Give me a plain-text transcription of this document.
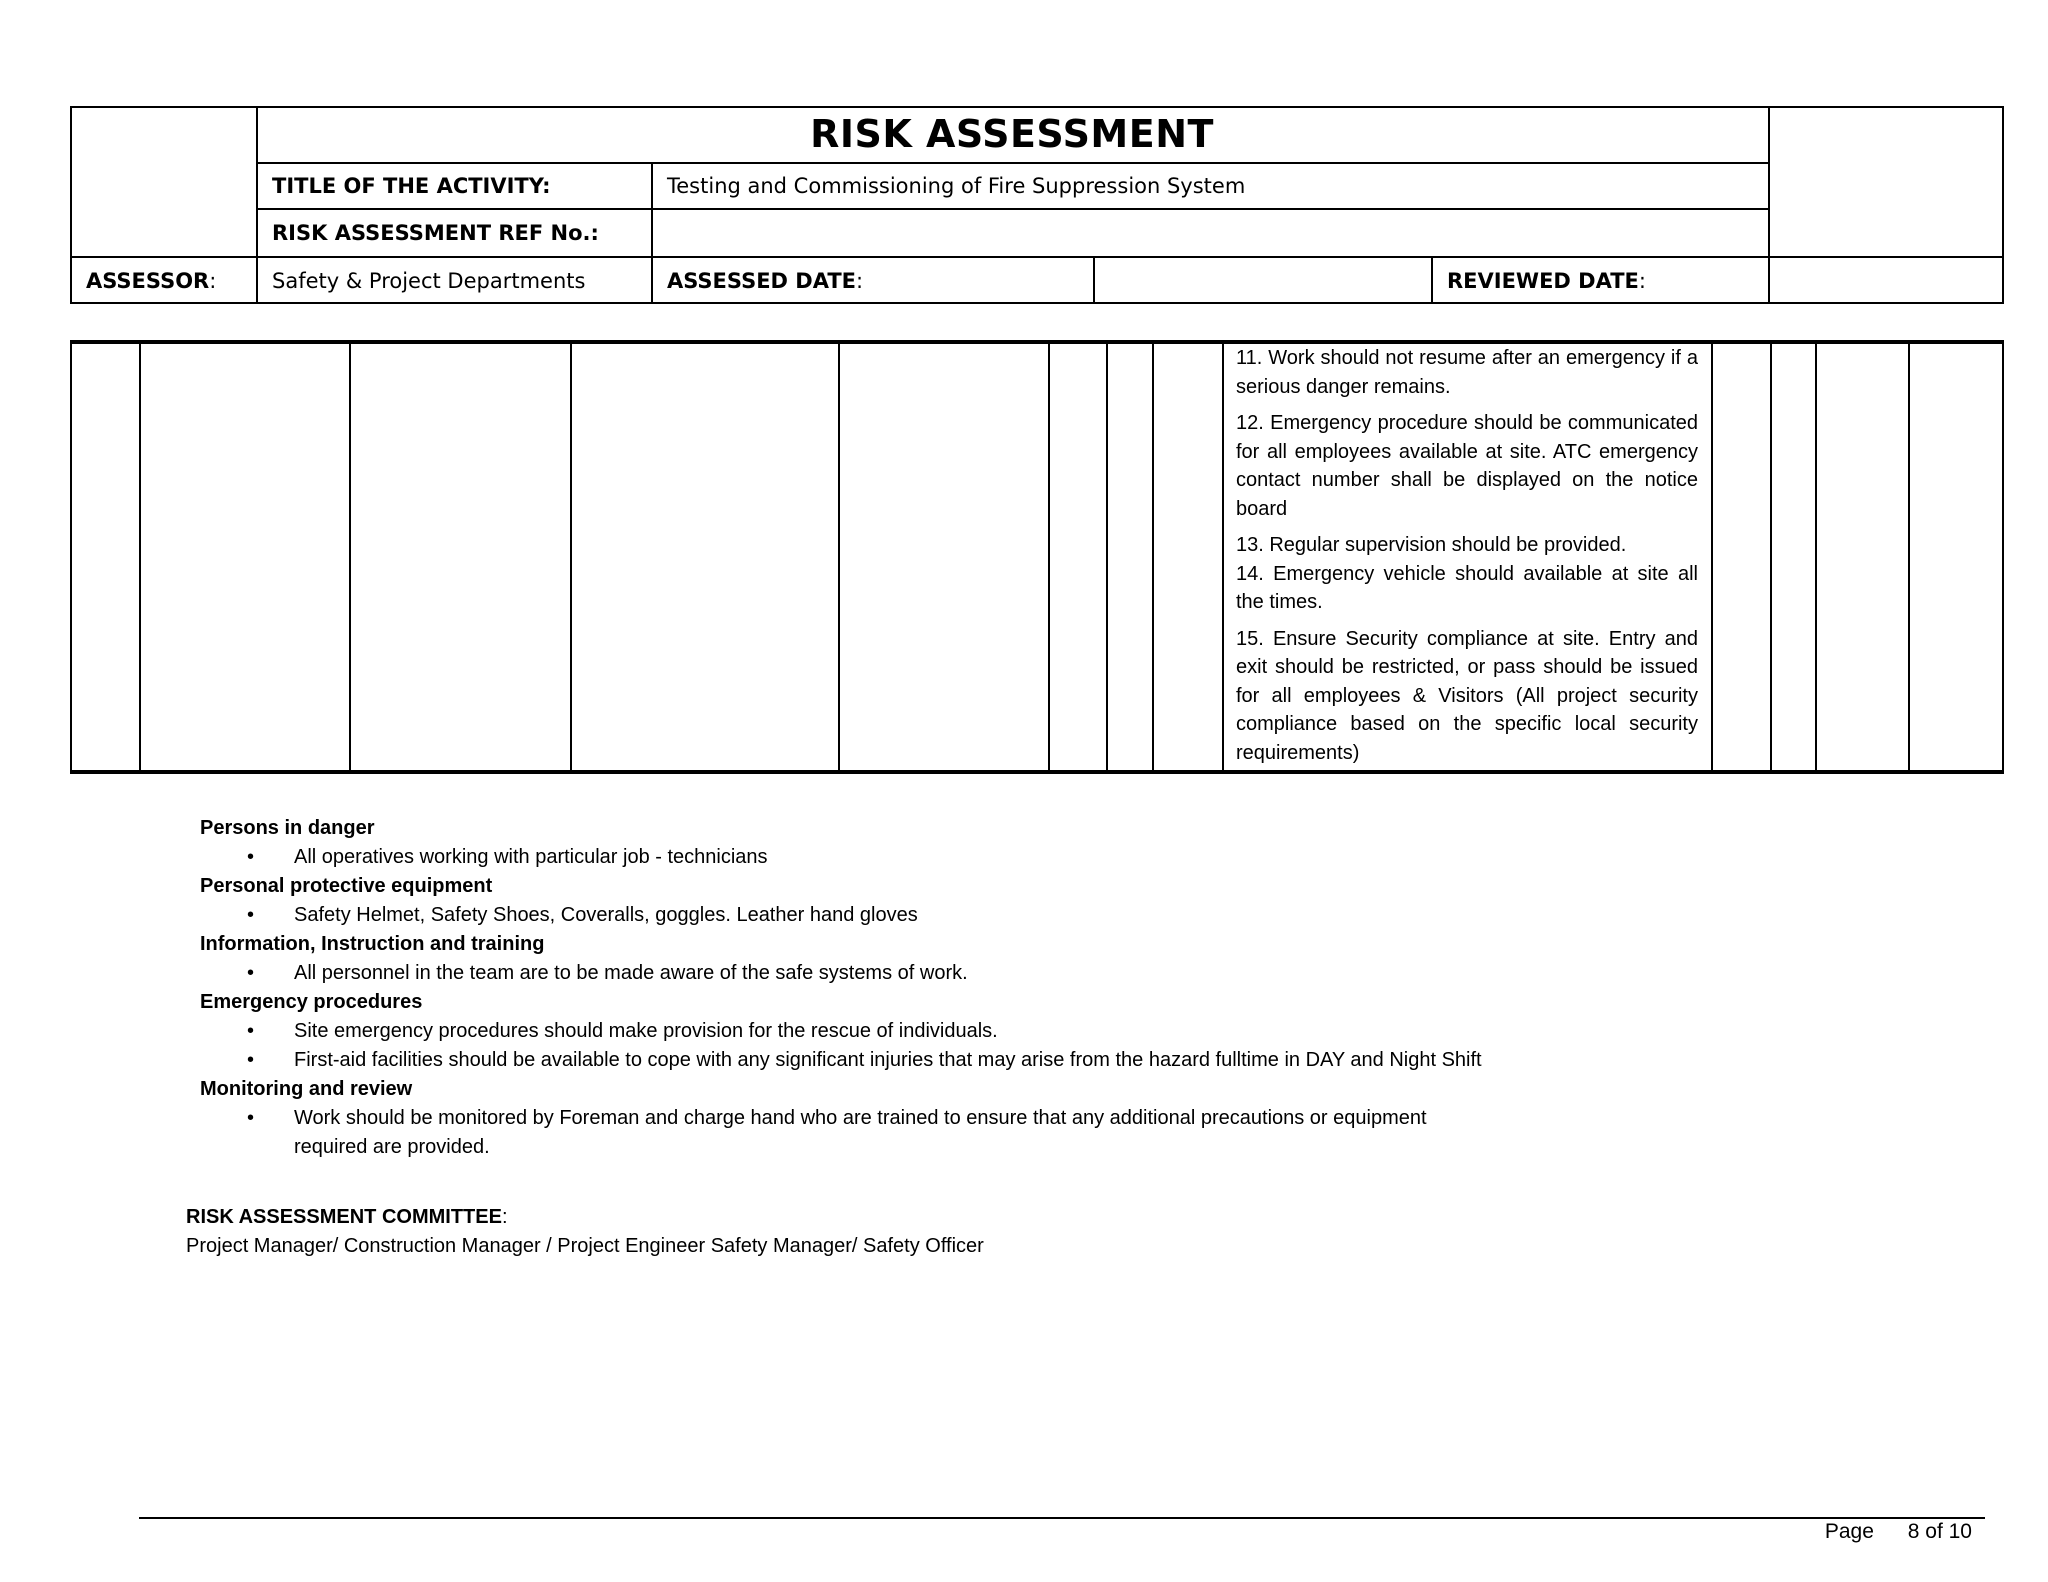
RISK ASSESSMENT
TITLE OF THE ACTIVITY:	Testing and Commissioning of Fire Suppression System
RISK ASSESSMENT REF No.:
ASSESSOR :	Safety & Project Departments	ASSESSED DATE :	REVIEWED DATE :

11. Work should not resume after an emergency if a serious danger remains.

12. Emergency procedure should be communicated for all employees available at site. ATC emergency contact number shall be displayed on the notice board

13. Regular supervision should be provided.

14. Emergency vehicle should available at site all the times.

15. Ensure Security compliance at site. Entry and exit should be restricted, or pass should be issued for all employees & Visitors (All project security compliance based on the specific local security requirements)

Persons in danger
• All operatives working with particular job - technicians
Personal protective equipment
• Safety Helmet, Safety Shoes, Coveralls, goggles. Leather hand gloves
Information, Instruction and training
• All personnel in the team are to be made aware of the safe systems of work.
Emergency procedures
• Site emergency procedures should make provision for the rescue of individuals.
• First-aid facilities should be available to cope with any significant injuries that may arise from the hazard fulltime in DAY and Night Shift
Monitoring and review
• Work should be monitored by Foreman and charge hand who are trained to ensure that any additional precautions or equipment required are provided.
RISK ASSESSMENT COMMITTEE:
Project Manager/ Construction Manager / Project Engineer Safety Manager/ Safety Officer
Page 8 of 10
